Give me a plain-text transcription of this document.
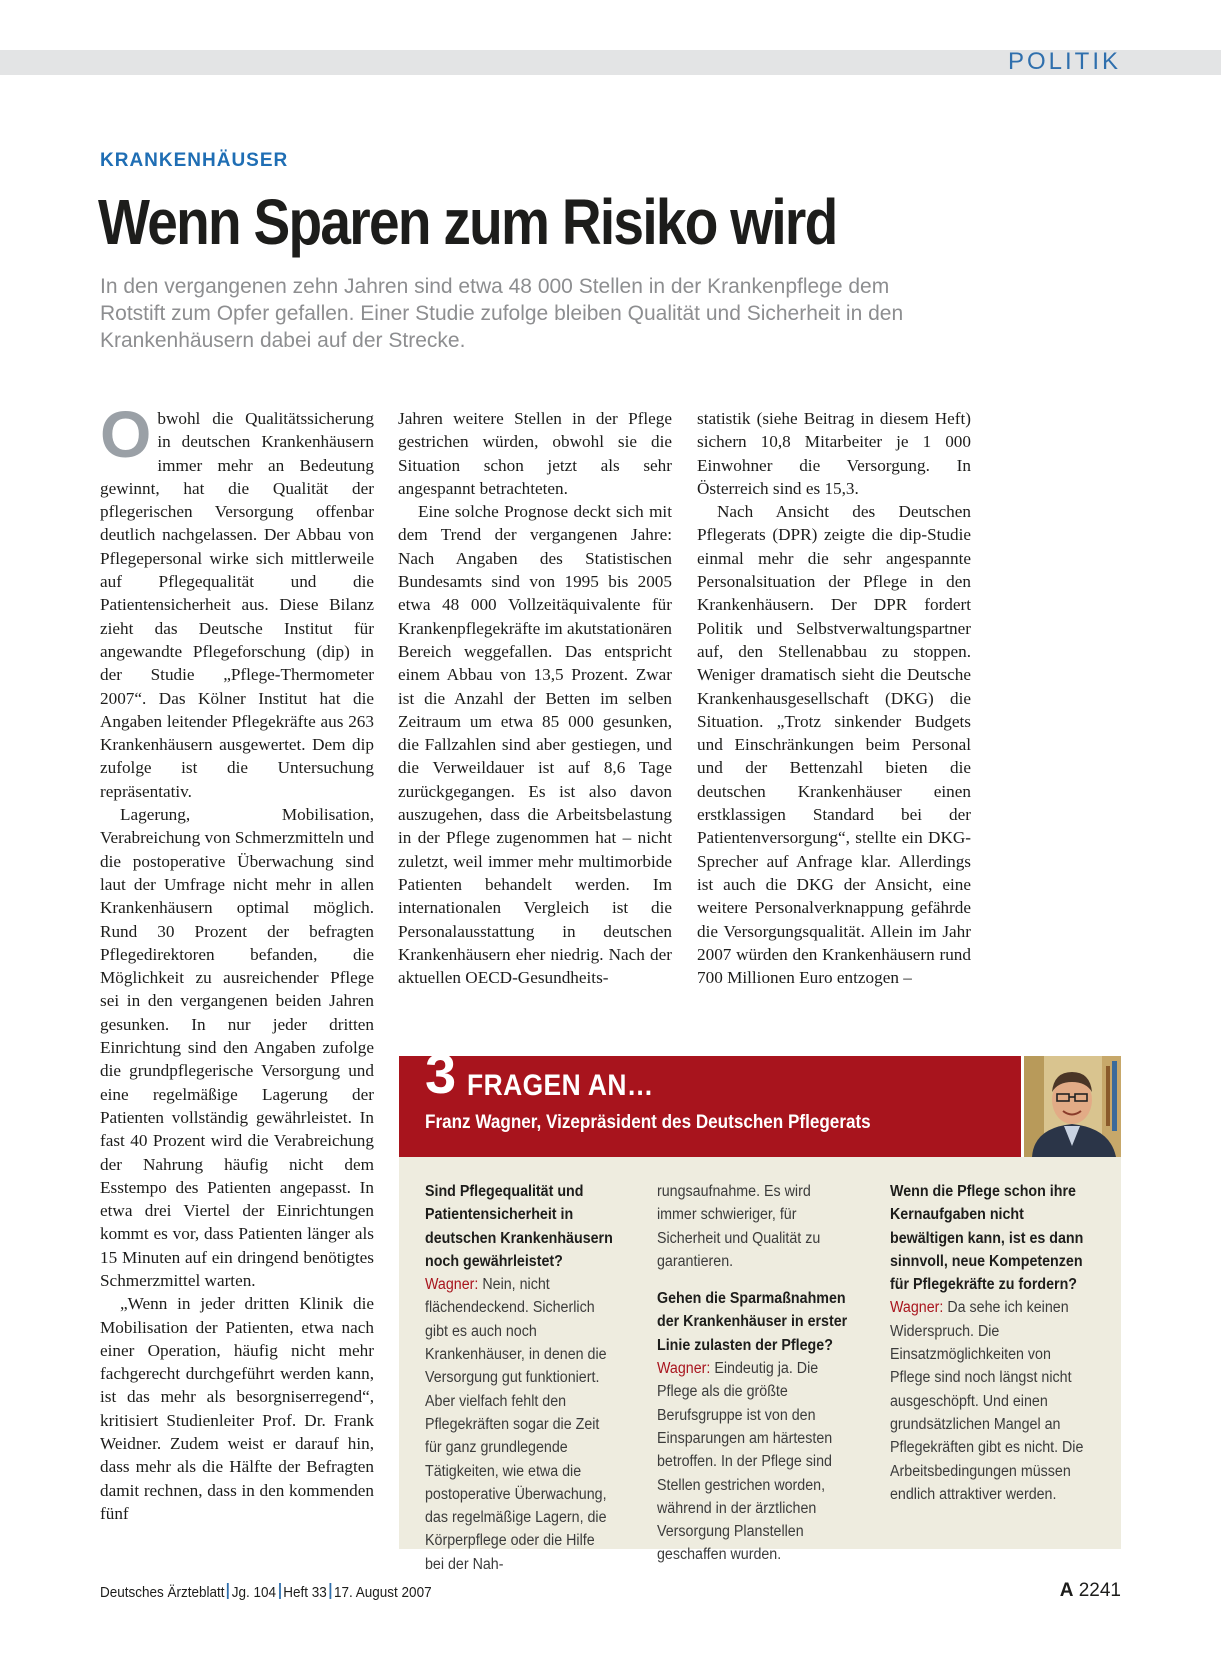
POLITIK
KRANKENHÄUSER
Wenn Sparen zum Risiko wird
In den vergangenen zehn Jahren sind etwa 48 000 Stellen in der Krankenpflege dem Rotstift zum Opfer gefallen. Einer Studie zufolge bleiben Qualität und Sicherheit in den Krankenhäusern dabei auf der Strecke.

Obwohl die Qualitätssicherung in deutschen Krankenhäusern immer mehr an Bedeutung gewinnt, hat die Qualität der pflegerischen Versorgung offenbar deutlich nachgelassen. Der Abbau von Pflegepersonal wirke sich mittlerweile auf Pflegequalität und die Patientensicherheit aus. Diese Bilanz zieht das Deutsche Institut für angewandte Pflegeforschung (dip) in der Studie „Pflege-Thermometer 2007“. Das Kölner Institut hat die Angaben leitender Pflegekräfte aus 263 Krankenhäusern ausgewertet. Dem dip zufolge ist die Untersuchung repräsentativ.

Lagerung, Mobilisation, Verabreichung von Schmerzmitteln und die postoperative Überwachung sind laut der Umfrage nicht mehr in allen Krankenhäusern optimal möglich. Rund 30 Prozent der befragten Pflegedirektoren befanden, die Möglichkeit zu ausreichender Pflege sei in den vergangenen beiden Jahren gesunken. In nur jeder dritten Einrichtung sind den Angaben zufolge die grundpflegerische Versorgung und eine regelmäßige Lagerung der Patienten vollständig gewährleistet. In fast 40 Prozent wird die Verabreichung der Nahrung häufig nicht dem Esstempo des Patienten angepasst. In etwa drei Viertel der Einrichtungen kommt es vor, dass Patienten länger als 15 Minuten auf ein dringend benötigtes Schmerzmittel warten.

„Wenn in jeder dritten Klinik die Mobilisation der Patienten, etwa nach einer Operation, häufig nicht mehr fachgerecht durchgeführt werden kann, ist das mehr als besorgniserregend“, kritisiert Studienleiter Prof. Dr. Frank Weidner. Zudem weist er darauf hin, dass mehr als die Hälfte der Befragten damit rechnen, dass in den kommenden fünf

Jahren weitere Stellen in der Pflege gestrichen würden, obwohl sie die Situation schon jetzt als sehr angespannt betrachteten.

Eine solche Prognose deckt sich mit dem Trend der vergangenen Jahre: Nach Angaben des Statistischen Bundesamts sind von 1995 bis 2005 etwa 48 000 Vollzeitäquivalente für Krankenpflegekräfte im akutstationären Bereich weggefallen. Das entspricht einem Abbau von 13,5 Prozent. Zwar ist die Anzahl der Betten im selben Zeitraum um etwa 85 000 gesunken, die Fallzahlen sind aber gestiegen, und die Verweildauer ist auf 8,6 Tage zurückgegangen. Es ist also davon auszugehen, dass die Arbeitsbelastung in der Pflege zugenommen hat – nicht zuletzt, weil immer mehr multimorbide Patienten behandelt werden. Im internationalen Vergleich ist die Personalausstattung in deutschen Krankenhäusern eher niedrig. Nach der aktuellen OECD-Gesundheits-

statistik (siehe Beitrag in diesem Heft) sichern 10,8 Mitarbeiter je 1 000 Einwohner die Versorgung. In Österreich sind es 15,3.

Nach Ansicht des Deutschen Pflegerats (DPR) zeigte die dip-Studie einmal mehr die sehr angespannte Personalsituation der Pflege in den Krankenhäusern. Der DPR fordert Politik und Selbstverwaltungspartner auf, den Stellenabbau zu stoppen. Weniger dramatisch sieht die Deutsche Krankenhausgesellschaft (DKG) die Situation. „Trotz sinkender Budgets und Einschränkungen beim Personal und der Bettenzahl bieten die deutschen Krankenhäuser einen erstklassigen Standard bei der Patientenversorgung“, stellte ein DKG-Sprecher auf Anfrage klar. Allerdings ist auch die DKG der Ansicht, eine weitere Personalverknappung gefährde die Versorgungsqualität. Allein im Jahr 2007 würden den Krankenhäusern rund 700 Millionen Euro entzogen –

3 FRAGEN AN…
Franz Wagner, Vizepräsident des Deutschen Pflegerats

Sind Pflegequalität und Patientensicherheit in deutschen Krankenhäusern noch gewährleistet?

Wagner: Nein, nicht flächendeckend. Sicherlich gibt es auch noch Krankenhäuser, in denen die Versorgung gut funktioniert. Aber vielfach fehlt den Pflegekräften sogar die Zeit für ganz grundlegende Tätigkeiten, wie etwa die postoperative Überwachung, das regelmäßige Lagern, die Körperpflege oder die Hilfe bei der Nah-

rungsaufnahme. Es wird immer schwieriger, für Sicherheit und Qualität zu garantieren.

Gehen die Sparmaßnahmen der Krankenhäuser in erster Linie zulasten der Pflege?

Wagner: Eindeutig ja. Die Pflege als die größte Berufsgruppe ist von den Einsparungen am härtesten betroffen. In der Pflege sind Stellen gestrichen worden, während in der ärztlichen Versorgung Planstellen geschaffen wurden.

Wenn die Pflege schon ihre Kernaufgaben nicht bewältigen kann, ist es dann sinnvoll, neue Kompetenzen für Pflegekräfte zu fordern?

Wagner: Da sehe ich keinen Widerspruch. Die Einsatzmöglichkeiten von Pflege sind noch längst nicht ausgeschöpft. Und einen grundsätzlichen Mangel an Pflegekräften gibt es nicht. Die Arbeitsbedingungen müssen endlich attraktiver werden.

Deutsches Ärzteblatt Jg. 104 Heft 33 17. August 2007	A 2241
